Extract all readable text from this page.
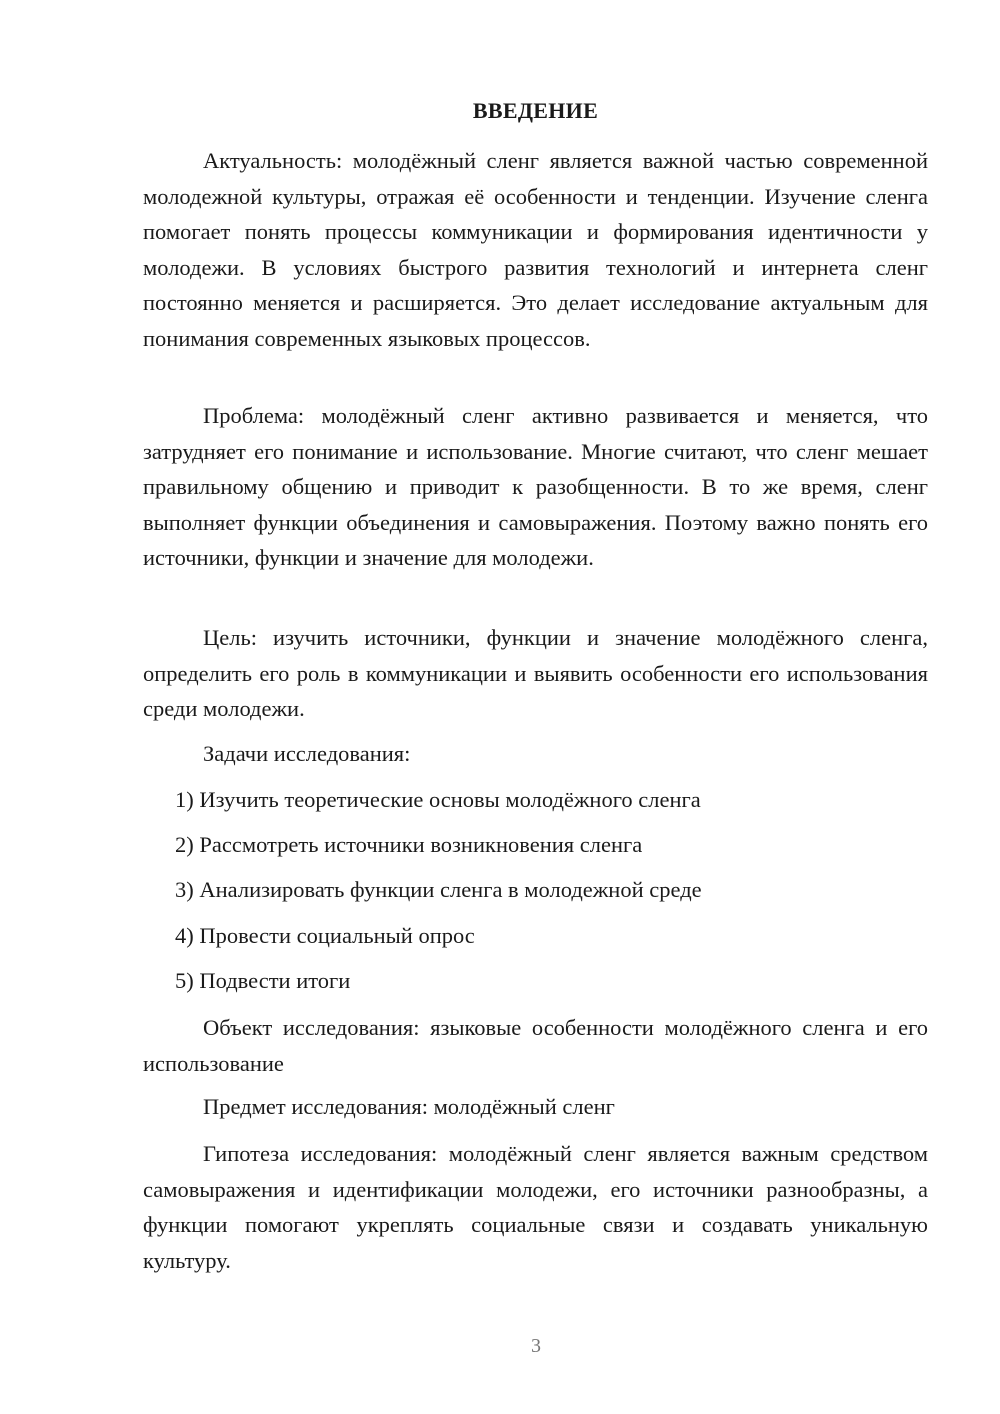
ВВЕДЕНИЕ

Актуальность: молодёжный сленг является важной частью современной молодежной культуры, отражая её особенности и тенденции. Изучение сленга помогает понять процессы коммуникации и формирования идентичности у молодежи. В условиях быстрого развития технологий и интернета сленг постоянно меняется и расширяется. Это делает исследование актуальным для понимания современных языковых процессов.

Проблема: молодёжный сленг активно развивается и меняется, что затрудняет его понимание и использование. Многие считают, что сленг мешает правильному общению и приводит к разобщенности. В то же время, сленг выполняет функции объединения и самовыражения. Поэтому важно понять его источники, функции и значение для молодежи.

Цель: изучить источники, функции и значение молодёжного сленга, определить его роль в коммуникации и выявить особенности его использования среди молодежи.

Задачи исследования:

1) Изучить теоретические основы молодёжного сленга

2) Рассмотреть источники возникновения сленга

3) Анализировать функции сленга в молодежной среде

4) Провести социальный опрос

5) Подвести итоги

Объект исследования: языковые особенности молодёжного сленга и его использование

Предмет исследования: молодёжный сленг

Гипотеза исследования: молодёжный сленг является важным средством самовыражения и идентификации молодежи, его источники разнообразны, а функции помогают укреплять социальные связи и создавать уникальную культуру.

3
